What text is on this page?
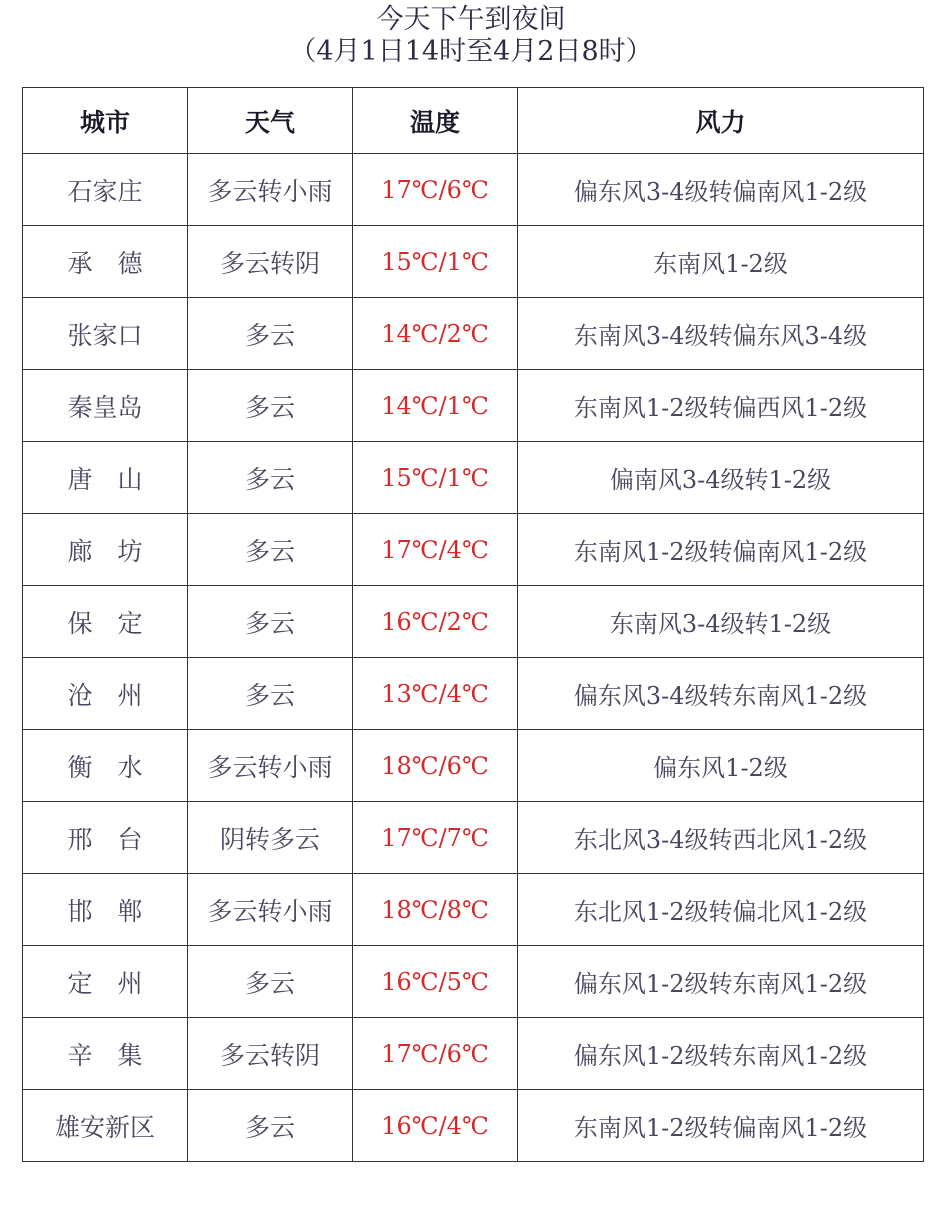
今天下午到夜间
（4月1日14时至4月2日8时）
城市	天气	温度	风力
石家庄	多云转小雨	17℃/6℃	偏东风3-4级转偏南风1-2级
承　德	多云转阴	15℃/1℃	东南风1-2级
张家口	多云	14℃/2℃	东南风3-4级转偏东风3-4级
秦皇岛	多云	14℃/1℃	东南风1-2级转偏西风1-2级
唐　山	多云	15℃/1℃	偏南风3-4级转1-2级
廊　坊	多云	17℃/4℃	东南风1-2级转偏南风1-2级
保　定	多云	16℃/2℃	东南风3-4级转1-2级
沧　州	多云	13℃/4℃	偏东风3-4级转东南风1-2级
衡　水	多云转小雨	18℃/6℃	偏东风1-2级
邢　台	阴转多云	17℃/7℃	东北风3-4级转西北风1-2级
邯　郸	多云转小雨	18℃/8℃	东北风1-2级转偏北风1-2级
定　州	多云	16℃/5℃	偏东风1-2级转东南风1-2级
辛　集	多云转阴	17℃/6℃	偏东风1-2级转东南风1-2级
雄安新区	多云	16℃/4℃	东南风1-2级转偏南风1-2级
